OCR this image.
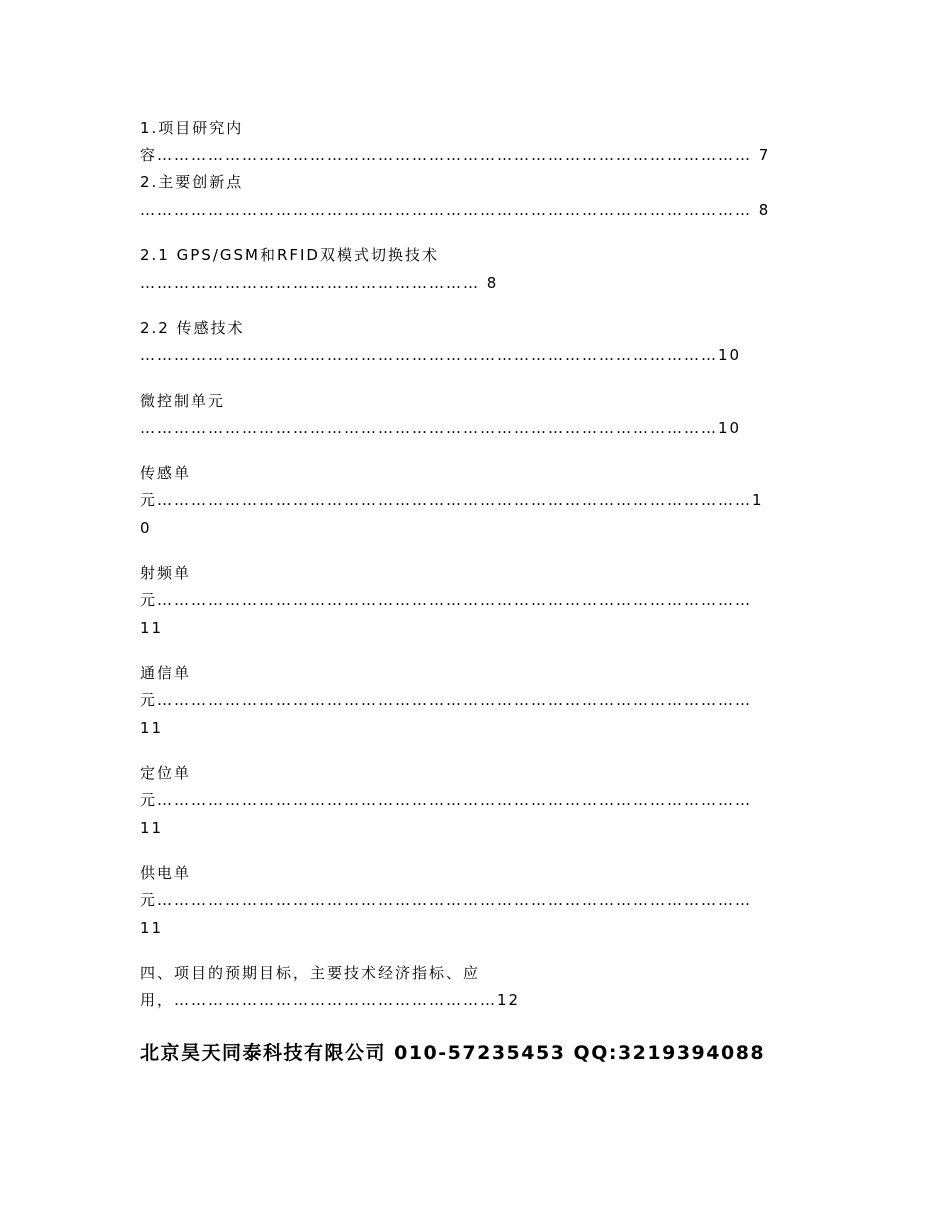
1.项目研究内
容…………………………………………………………………………………………… 7
2.主要创新点
……………………………………………………………………………………………… 8
2.1 GPS/GSM和RFID双模式切换技术
…………………………………………………… 8
2.2 传感技术
…………………………………………………………………………………………10
微控制单元
…………………………………………………………………………………………10
传感单
元……………………………………………………………………………………………1
0
射频单
元……………………………………………………………………………………………
11
通信单
元……………………………………………………………………………………………
11
定位单
元……………………………………………………………………………………………
11
供电单
元……………………………………………………………………………………………
11
四、项目的预期目标，主要技术经济指标、应
用，…………………………………………………12
北京昊天同泰科技有限公司 010-57235453 QQ:3219394088
